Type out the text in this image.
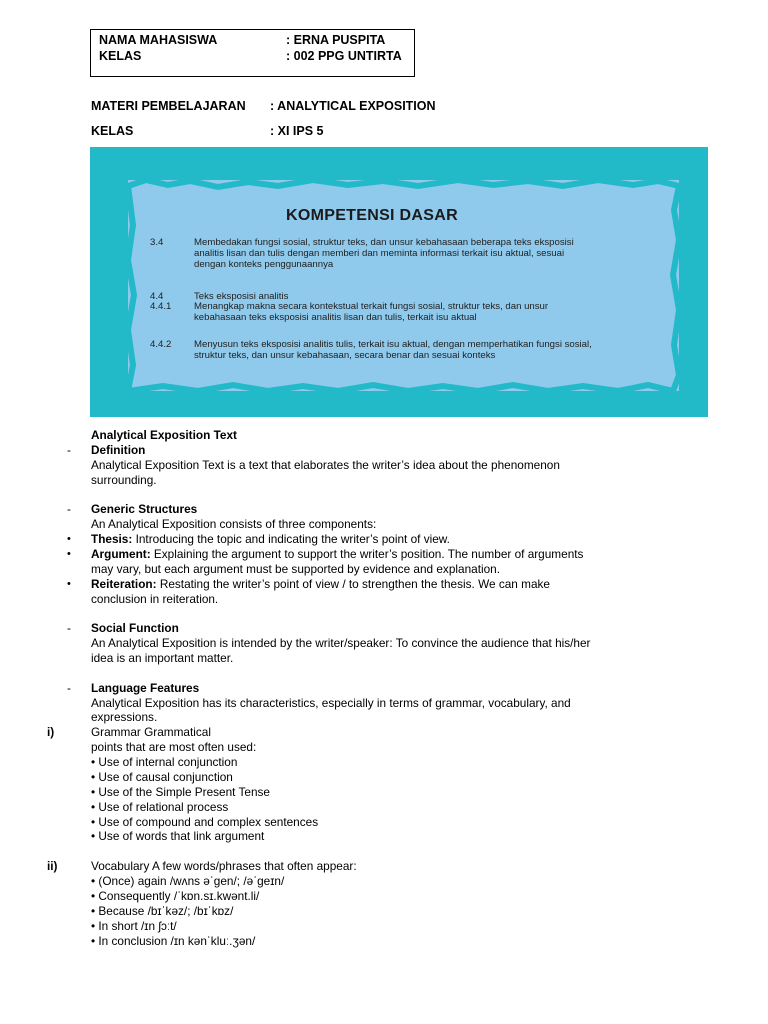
NAMA MAHASISWA	: ERNA PUSPITA
KELAS	: 002 PPG UNTIRTA
MATERI PEMBELAJARAN : ANALYTICAL EXPOSITION
KELAS	: XI IPS 5
KOMPETENSI DASAR
3.4	Membedakan fungsi sosial, struktur teks, dan unsur kebahasaan beberapa teks eksposisi analitis lisan dan tulis dengan memberi dan meminta informasi terkait isu aktual, sesuai dengan konteks penggunaannya
4.4	Teks eksposisi analitis
4.4.1 Menangkap makna secara kontekstual terkait fungsi sosial, struktur teks, dan unsur kebahasaan teks eksposisi analitis lisan dan tulis, terkait isu aktual
4.4.2 Menyusun teks eksposisi analitis tulis, terkait isu aktual, dengan memperhatikan fungsi sosial, struktur teks, dan unsur kebahasaan, secara benar dan sesuai konteks
Analytical Exposition Text
- Definition
Analytical Exposition Text is a text that elaborates the writer’s idea about the phenomenon
surrounding.
- Generic Structures
An Analytical Exposition consists of three components:
• Thesis: Introducing the topic and indicating the writer’s point of view.
• Argument: Explaining the argument to support the writer’s position. The number of arguments
may vary, but each argument must be supported by evidence and explanation.
• Reiteration: Restating the writer’s point of view / to strengthen the thesis. We can make
conclusion in reiteration.
- Social Function
An Analytical Exposition is intended by the writer/speaker: To convince the audience that his/her
idea is an important matter.
- Language Features
Analytical Exposition has its characteristics, especially in terms of grammar, vocabulary, and
expressions.
i)	Grammar Grammatical
points that are most often used:
• Use of internal conjunction
• Use of causal conjunction
• Use of the Simple Present Tense
• Use of relational process
• Use of compound and complex sentences
• Use of words that link argument
ii)	Vocabulary A few words/phrases that often appear:
• (Once) again /wʌns əˈgen/; /əˈgeɪn/
• Consequently /ˈkɒn.sɪ.kwənt.li/
• Because /bɪˈkəz/; /bɪˈkɒz/
• In short /ɪn ʃɔːt/
• In conclusion /ɪn kənˈkluː.ʒən/
